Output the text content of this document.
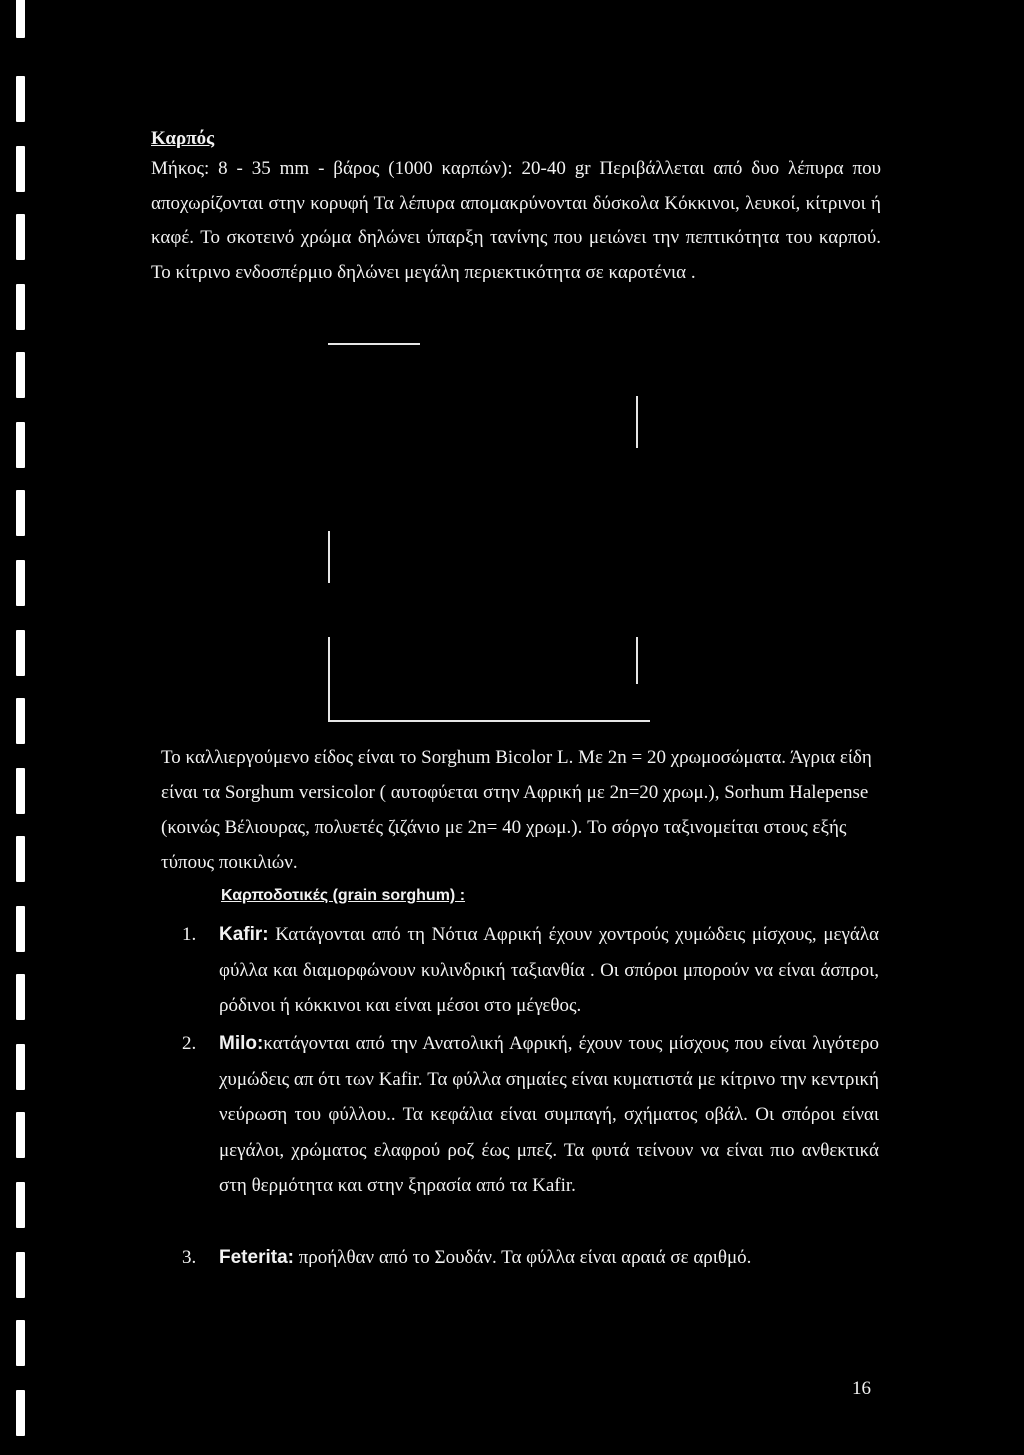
Καρπός

Μήκος: 8 - 35 mm - βάρος (1000 καρπών): 20-40 gr Περιβάλλεται από δυο λέπυρα που αποχωρίζονται στην κορυφή Τα λέπυρα απομακρύνονται δύσκολα Κόκκινοι, λευκοί, κίτρινοι ή καφέ. Το σκοτεινό χρώμα δηλώνει ύπαρξη τανίνης που μειώνει την πεπτικότητα του καρπού. Το κίτρινο ενδοσπέρμιο δηλώνει μεγάλη περιεκτικότητα σε καροτένια .

Το καλλιεργούμενο είδος είναι το Sorghum Bicolor L. Με 2n = 20 χρωμοσώματα. Άγρια είδη είναι τα Sorghum versicolor ( αυτοφύεται στην Αφρική με 2n=20 χρωμ.), Sorhum Halepense (κοινώς Βέλιουρας, πολυετές ζιζάνιο με 2n= 40 χρωμ.). Το σόργο ταξινομείται στους εξής τύπους ποικιλιών.

Καρποδοτικές (grain sorghum) :
1. Kafir: Κατάγονται από τη Νότια Αφρική έχουν χοντρούς χυμώδεις μίσχους, μεγάλα φύλλα και διαμορφώνουν κυλινδρική ταξιανθία . Οι σπόροι μπορούν να είναι άσπροι, ρόδινοι ή κόκκινοι και είναι μέσοι στο μέγεθος.

2. Milo:κατάγονται από την Ανατολική Αφρική, έχουν τους μίσχους που είναι λιγότερο χυμώδεις απ ότι των Kafir. Τα φύλλα σημαίες είναι κυματιστά με κίτρινο την κεντρική νεύρωση του φύλλου.. Τα κεφάλια είναι συμπαγή, σχήματος οβάλ. Οι σπόροι είναι μεγάλοι, χρώματος ελαφρού ροζ έως μπεζ. Τα φυτά τείνουν να είναι πιο ανθεκτικά στη θερμότητα και στην ξηρασία από τα Kafir.

3. Feterita: προήλθαν από το Σουδάν. Τα φύλλα είναι αραιά σε αριθμό.

16
